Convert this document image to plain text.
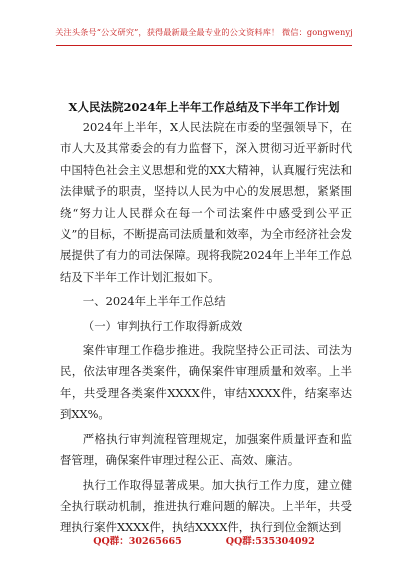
关注头条号“公文研究”，获得最新最全最专业的公文资料库！ 微信：gongwenyj
X人民法院2024年上半年工作总结及下半年工作计划

2024年上半年，X人民法院在市委的坚强领导下，在市人大及其常委会的有力监督下，深入贯彻习近平新时代中国特色社会主义思想和党的XX大精神，认真履行宪法和法律赋予的职责，坚持以人民为中心的发展思想，紧紧围绕“努力让人民群众在每一个司法案件中感受到公平正义”的目标，不断提高司法质量和效率，为全市经济社会发展提供了有力的司法保障。现将我院2024年上半年工作总结及下半年工作计划汇报如下。

一、2024年上半年工作总结

（一）审判执行工作取得新成效

案件审理工作稳步推进。我院坚持公正司法、司法为民，依法审理各类案件，确保案件审理质量和效率。上半年，共受理各类案件XXXX件，审结XXXX件，结案率达到XX%。

严格执行审判流程管理规定，加强案件质量评查和监督管理，确保案件审理过程公正、高效、廉洁。

执行工作取得显著成果。加大执行工作力度，建立健全执行联动机制，推进执行难问题的解决。上半年，共受理执行案件XXXX件，执结XXXX件，执行到位金额达到

QQ群：30265665	QQ群:535304092
